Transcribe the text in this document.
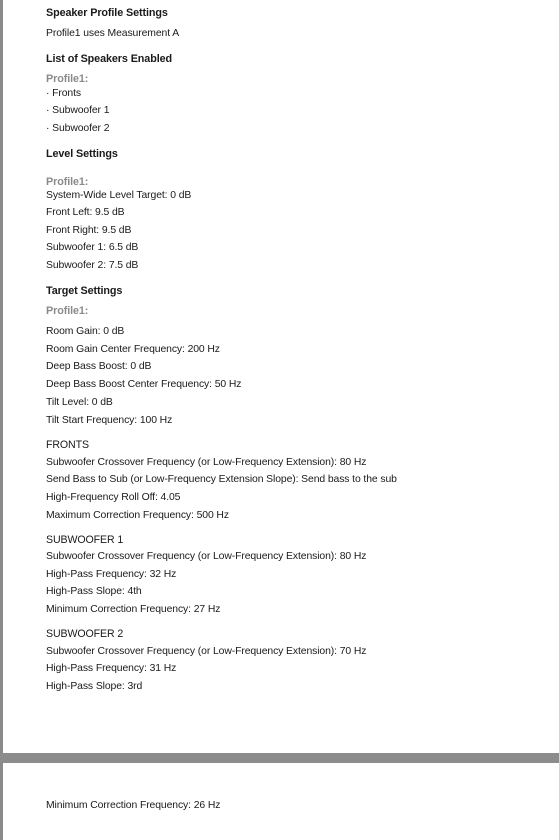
Speaker Profile Settings
Profile1 uses Measurement A
List of Speakers Enabled
Profile1:
· Fronts
· Subwoofer 1
· Subwoofer 2
Level Settings
Profile1:
System-Wide Level Target: 0 dB
Front Left: 9.5 dB
Front Right: 9.5 dB
Subwoofer 1: 6.5 dB
Subwoofer 2: 7.5 dB
Target Settings
Profile1:
Room Gain: 0 dB
Room Gain Center Frequency: 200 Hz
Deep Bass Boost: 0 dB
Deep Bass Boost Center Frequency: 50 Hz
Tilt Level: 0 dB
Tilt Start Frequency: 100 Hz
FRONTS
Subwoofer Crossover Frequency (or Low-Frequency Extension): 80 Hz
Send Bass to Sub (or Low-Frequency Extension Slope): Send bass to the sub
High-Frequency Roll Off: 4.05
Maximum Correction Frequency: 500 Hz
SUBWOOFER 1
Subwoofer Crossover Frequency (or Low-Frequency Extension): 80 Hz
High-Pass Frequency: 32 Hz
High-Pass Slope: 4th
Minimum Correction Frequency: 27 Hz
SUBWOOFER 2
Subwoofer Crossover Frequency (or Low-Frequency Extension): 70 Hz
High-Pass Frequency: 31 Hz
High-Pass Slope: 3rd
Minimum Correction Frequency: 26 Hz
